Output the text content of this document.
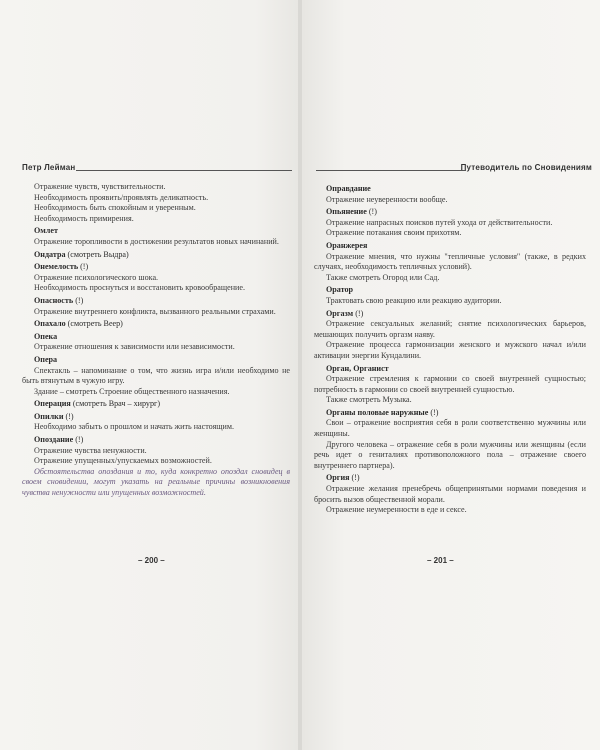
Петр Лейман	Путеводитель по Сновидениям

Отражение чувств, чувствительности.

Необходимость проявить/проявлять деликатность.

Необходимость быть спокойным и уверенным.

Необходимость примирения.

Омлет

Отражение торопливости в достижении результатов новых начинаний.

Ондатра (смотреть Выдра)

Онемелость (!)

Отражение психологического шока.

Необходимость проснуться и восстановить кровообращение.

Опасность (!)

Отражение внутреннего конфликта, вызванного реальными страхами.

Опахало (смотреть Веер)

Опека

Отражение отношения к зависимости или независимости.

Опера

Спектакль – напоминание о том, что жизнь игра и/или необходимо не быть втянутым в чужую игру.

Здание – смотреть Строение общественного назначения.

Операция (смотреть Врач – хирург)

Опилки (!)

Необходимо забыть о прошлом и начать жить настоящим.

Опоздание (!)

Отражение чувства ненужности.

Отражение упущенных/упускаемых возможностей.

Обстоятельства опоздания и то, куда конкретно опоздал сновидец в своем сновидении, могут указать на реальные причины возникновения чувства ненужности или упущенных возможностей.

Оправдание

Отражение неуверенности вообще.

Опьянение (!)

Отражение напрасных поисков путей ухода от действительности.

Отражение потакания своим прихотям.

Оранжерея

Отражение мнения, что нужны "тепличные условия" (также, в редких случаях, необходимость тепличных условий).

Также смотреть Огород или Сад.

Оратор

Трактовать свою реакцию или реакцию аудитории.

Оргазм (!)

Отражение сексуальных желаний; снятие психологических барьеров, мешающих получить оргазм наяву.

Отражение процесса гармонизации женского и мужского начал и/или активации энергии Кундалини.

Орган, Органист

Отражение стремления к гармонии со своей внутренней сущностью; потребность в гармонии со своей внутренней сущностью.

Также смотреть Музыка.

Органы половые наружные (!)

Свои – отражение восприятия себя в роли соответственно мужчины или женщины.

Другого человека – отражение себя в роли мужчины или женщины (если речь идет о гениталиях противоположного пола – отражение своего внутреннего партнера).

Оргия (!)

Отражение желания пренебречь общепринятыми нормами поведения и бросить вызов общественной морали.

Отражение неумеренности в еде и сексе.

– 200 –	– 201 –
